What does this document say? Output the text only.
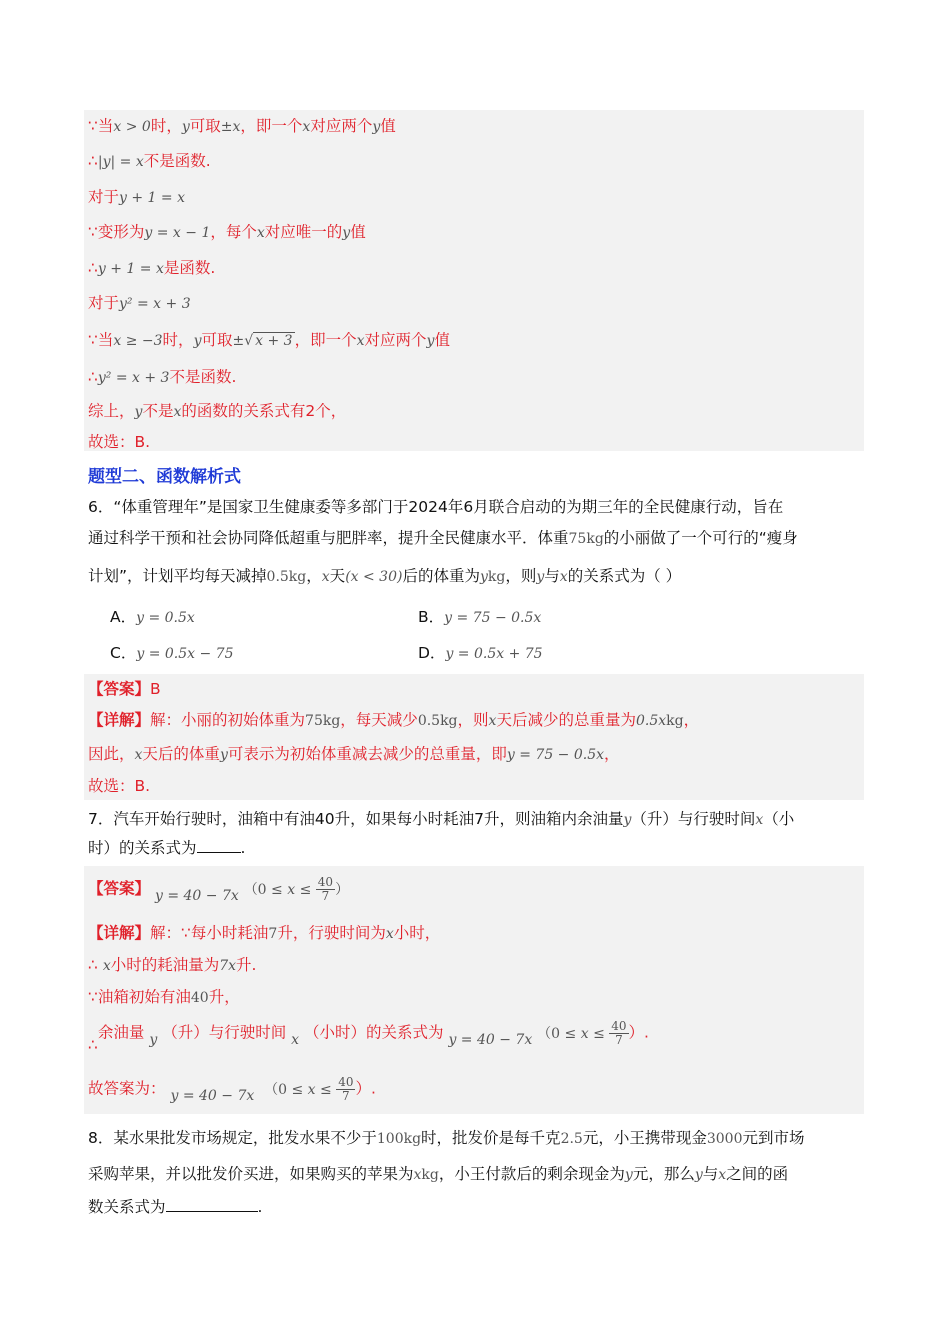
∵当x > 0时，y可取±x，即一个x对应两个y值
∴|y| = x不是函数.
对于y + 1 = x
∵变形为y = x − 1，每个x对应唯一的y值
∴y + 1 = x是函数.
对于y² = x + 3
∵当x ≥ −3时，y可取±√ x + 3 ，即一个x对应两个y值
∴y² = x + 3不是函数.
综上，y不是x的函数的关系式有2个，
故选：B.
题型二、函数解析式
6．“体重管理年”是国家卫生健康委等多部门于2024年6月联合启动的为期三年的全民健康行动，旨在
通过科学干预和社会协同降低超重与肥胖率，提升全民健康水平．体重75kg的小丽做了一个可行的“瘦身
计划”，计划平均每天减掉0.5kg，x天(x < 30)后的体重为ykg，则y与x的关系式为（ ）
A．y = 0.5x	B．y = 75 − 0.5x
C．y = 0.5x − 75	D．y = 0.5x + 75
【答案】B
【详解】解：小丽的初始体重为75kg，每天减少0.5kg，则x天后减少的总重量为0.5xkg，
因此，x天后的体重y可表示为初始体重减去减少的总重量，即y = 75 − 0.5x，
故选：B.
7．汽车开始行驶时，油箱中有油40升，如果每小时耗油7升，则油箱内余油量y（升）与行驶时间x（小
时）的关系式为	.
【答案】 y = 40 − 7x （$0 \le x \le \frac{40}{7}$ ）
【详解】解：∵每小时耗油7升，行驶时间为x小时，
∴ x小时的耗油量为7x升.
∵油箱初始有油40升，
∴余油量 y （升）与行驶时间 x （小时）的关系式为 y = 40 − 7x （$0 \le x \le \frac{40}{7}$ ）.
故答案为： y = 40 − 7x （$0 \le x \le \frac{40}{7}$ ）.
8．某水果批发市场规定，批发水果不少于100kg时，批发价是每千克2.5元，小王携带现金3000元到市场
采购苹果，并以批发价买进，如果购买的苹果为xkg，小王付款后的剩余现金为y元，那么y与x之间的函
数关系式为	.
